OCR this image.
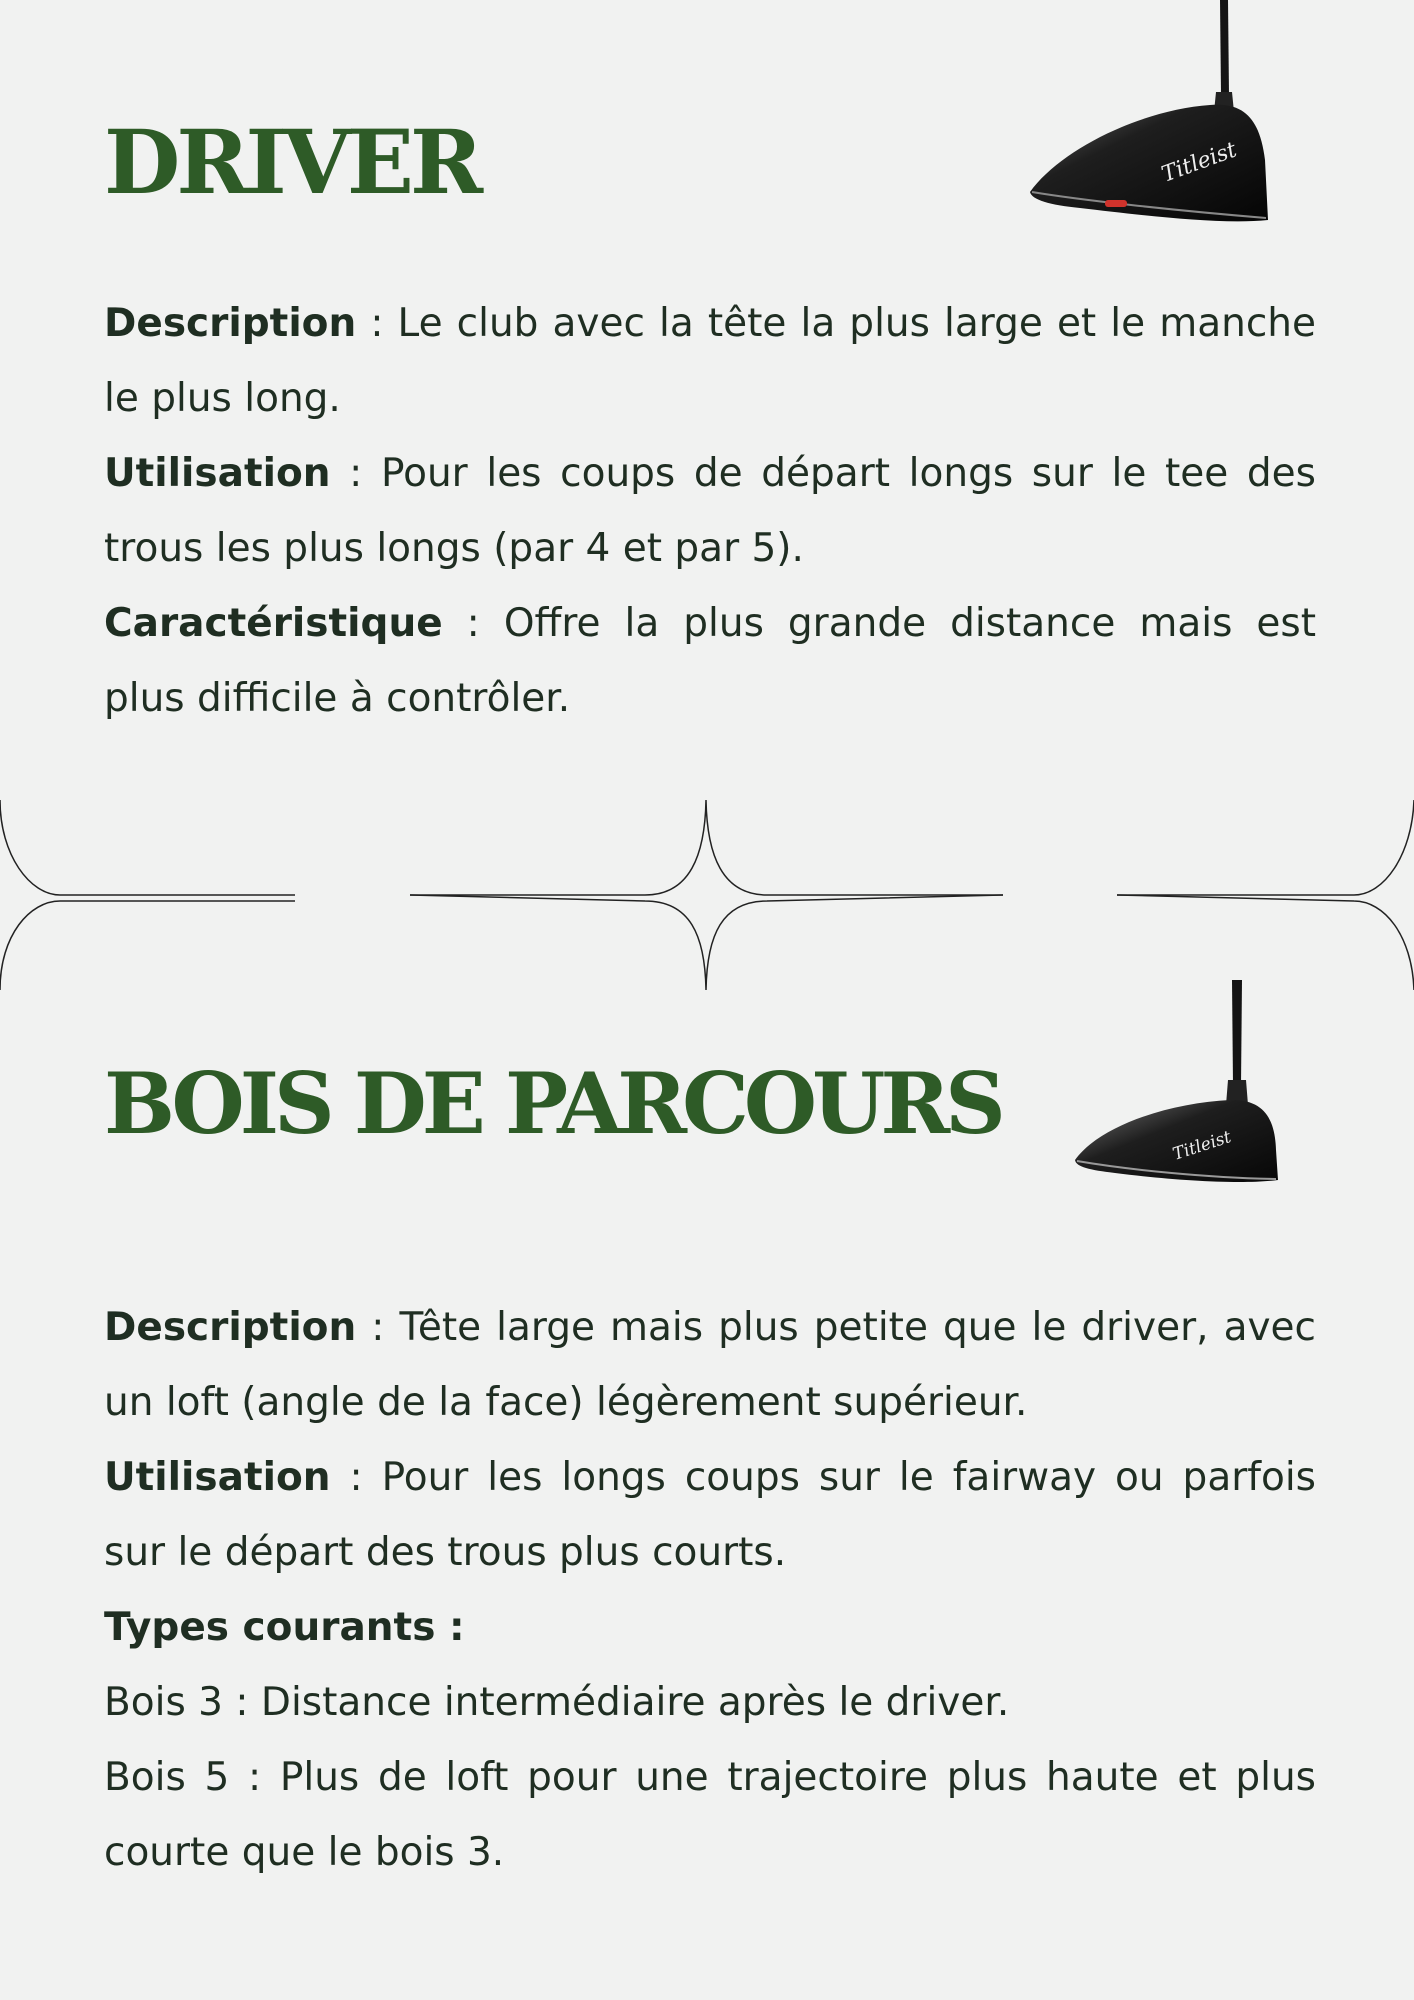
DRIVER	Titleist

Description : Le club avec la tête la plus large et le manche le plus long.

Utilisation : Pour les coups de départ longs sur le tee des trous les plus longs (par 4 et par 5).

Caractéristique : Offre la plus grande distance mais est plus difficile à contrôler.

BOIS DE PARCOURS	Titleist

Description : Tête large mais plus petite que le driver, avec un loft (angle de la face) légèrement supérieur.

Utilisation : Pour les longs coups sur le fairway ou parfois sur le départ des trous plus courts.

Types courants :

Bois 3 : Distance intermédiaire après le driver.

Bois 5 : Plus de loft pour une trajectoire plus haute et plus courte que le bois 3.
